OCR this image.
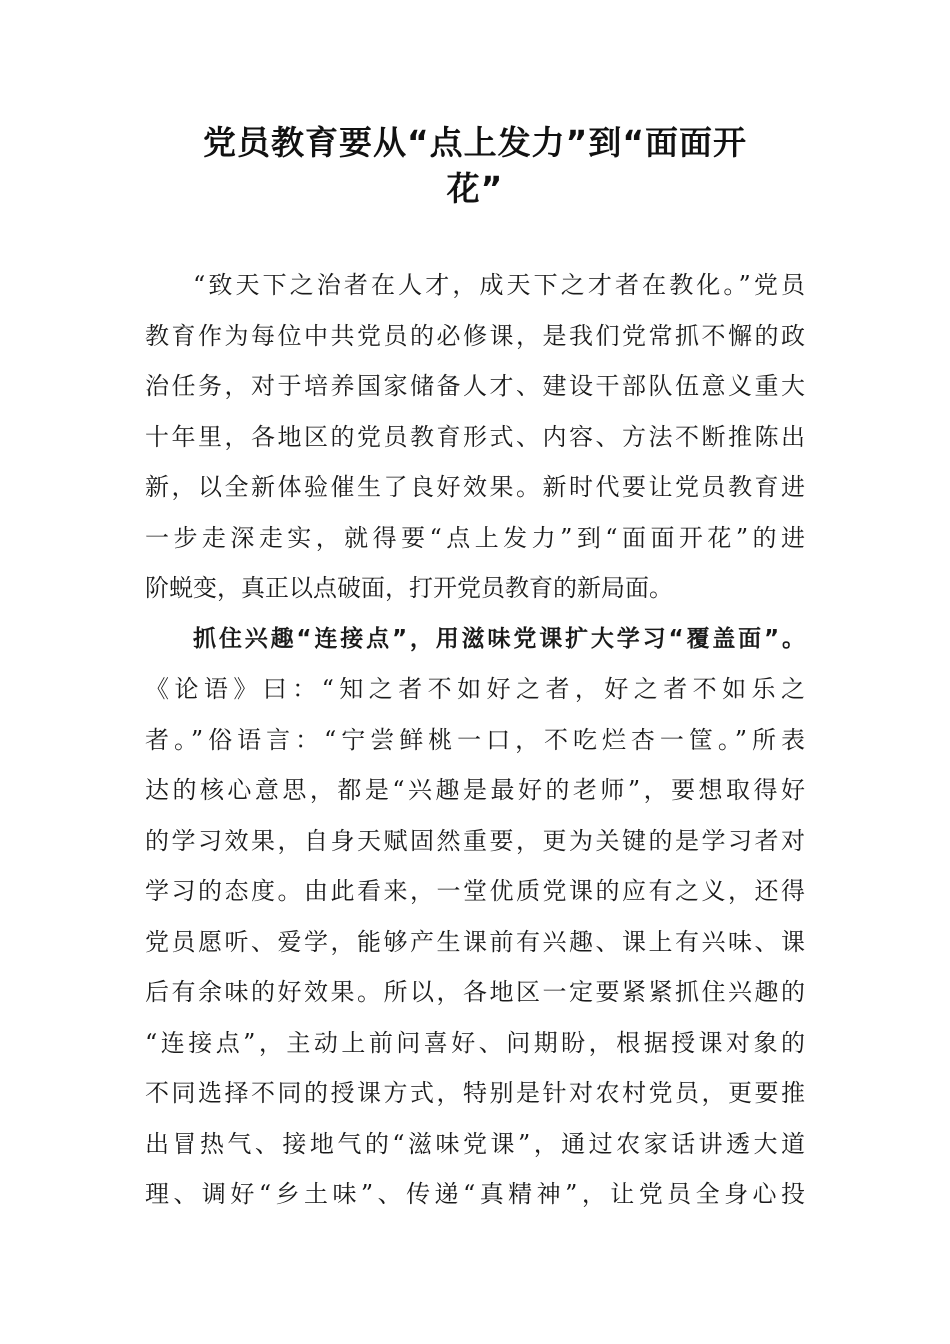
党员教育要从“点上发力”到“面面开
花”
“致天下之治者在人才，成天下之才者在教化。”党员
教育作为每位中共党员的必修课，是我们党常抓不懈的政
治任务，对于培养国家储备人才、建设干部队伍意义重大
十年里，各地区的党员教育形式、内容、方法不断推陈出
新，以全新体验催生了良好效果。新时代要让党员教育进
一步走深走实，就得要“点上发力”到“面面开花”的进
阶蜕变，真正以点破面，打开党员教育的新局面。
抓住兴趣“连接点”，用滋味党课扩大学习“覆盖面”。
《论语》曰：“知之者不如好之者，好之者不如乐之
者。”俗语言：“宁尝鲜桃一口，不吃烂杏一筐。”所表
达的核心意思，都是“兴趣是最好的老师”，要想取得好
的学习效果，自身天赋固然重要，更为关键的是学习者对
学习的态度。由此看来，一堂优质党课的应有之义，还得
党员愿听、爱学，能够产生课前有兴趣、课上有兴味、课
后有余味的好效果。所以，各地区一定要紧紧抓住兴趣的
“连接点”，主动上前问喜好、问期盼，根据授课对象的
不同选择不同的授课方式，特别是针对农村党员，更要推
出冒热气、接地气的“滋味党课”，通过农家话讲透大道
理、调好“乡土味”、传递“真精神”，让党员全身心投
